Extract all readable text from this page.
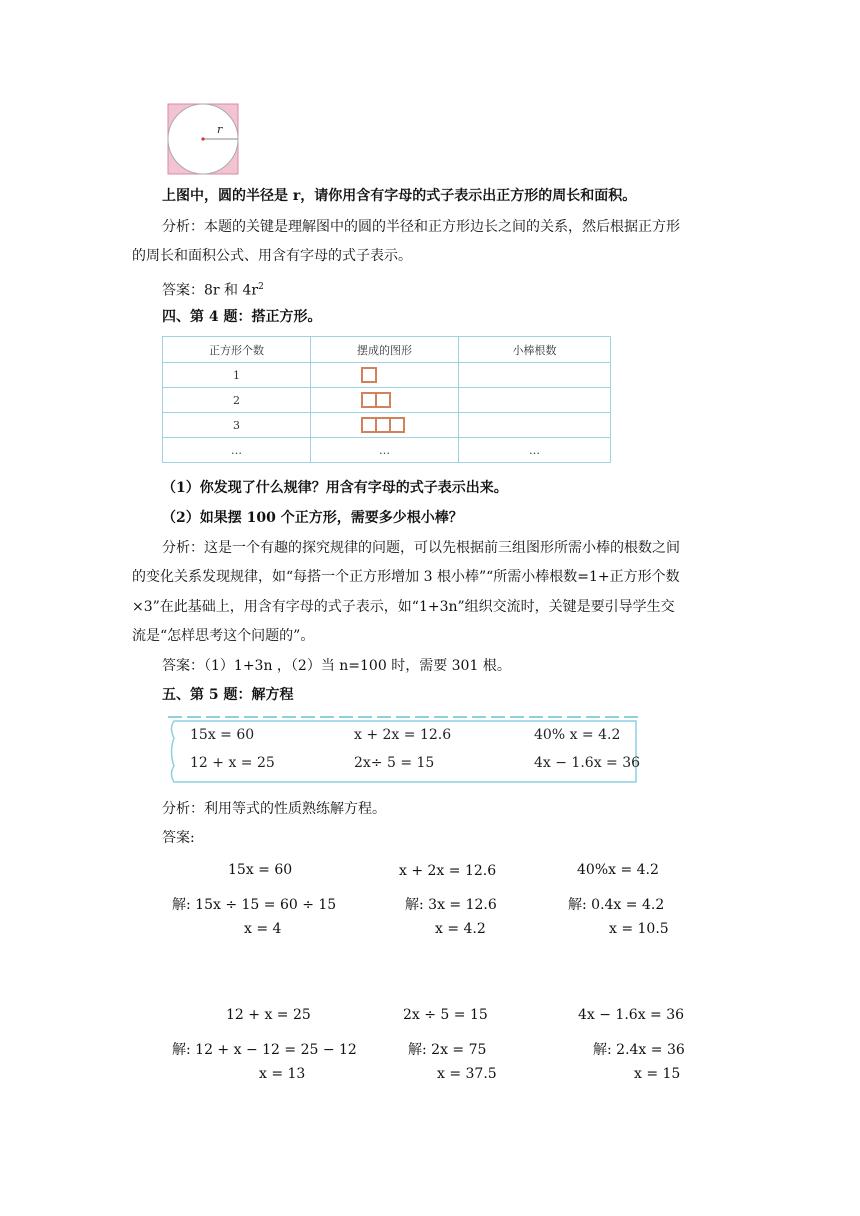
r
上图中，圆的半径是 r，请你用含有字母的式子表示出正方形的周长和面积。
分析：本题的关键是理解图中的圆的半径和正方形边长之间的关系，然后根据正方形
的周长和面积公式、用含有字母的式子表示。
答案：8r 和 $4r^2$
四、第 4 题：搭正方形。
正方形个数	摆成的图形	小棒根数
1		
2		
3		
…	…	…
（1）你发现了什么规律？用含有字母的式子表示出来。
（2）如果摆 100 个正方形，需要多少根小棒？
分析：这是一个有趣的探究规律的问题，可以先根据前三组图形所需小棒的根数之间
的变化关系发现规律，如“每搭一个正方形增加 3 根小棒”“所需小棒根数=1+正方形个数
×3”在此基础上，用含有字母的式子表示，如“1+3n”组织交流时，关键是要引导学生交
流是“怎样思考这个问题的”。
答案：（1）1+3n ，（2）当 n=100 时，需要 301 根。
五、第 5 题：解方程
15x = 60	x + 2x = 12.6	40% x = 4.2
12 + x = 25	2x÷ 5 = 15	4x − 1.6x = 36
分析：利用等式的性质熟练解方程。
答案:
15x = 60
解: 15x ÷ 15 = 60 ÷ 15
x = 4
x + 2x = 12.6
解: 3x = 12.6
x = 4.2
40%x = 4.2
解: 0.4x = 4.2
x = 10.5
12 + x = 25
解: 12 + x − 12 = 25 − 12
x = 13
2x ÷ 5 = 15
解: 2x = 75
x = 37.5
4x − 1.6x = 36
解: 2.4x = 36
x = 15
